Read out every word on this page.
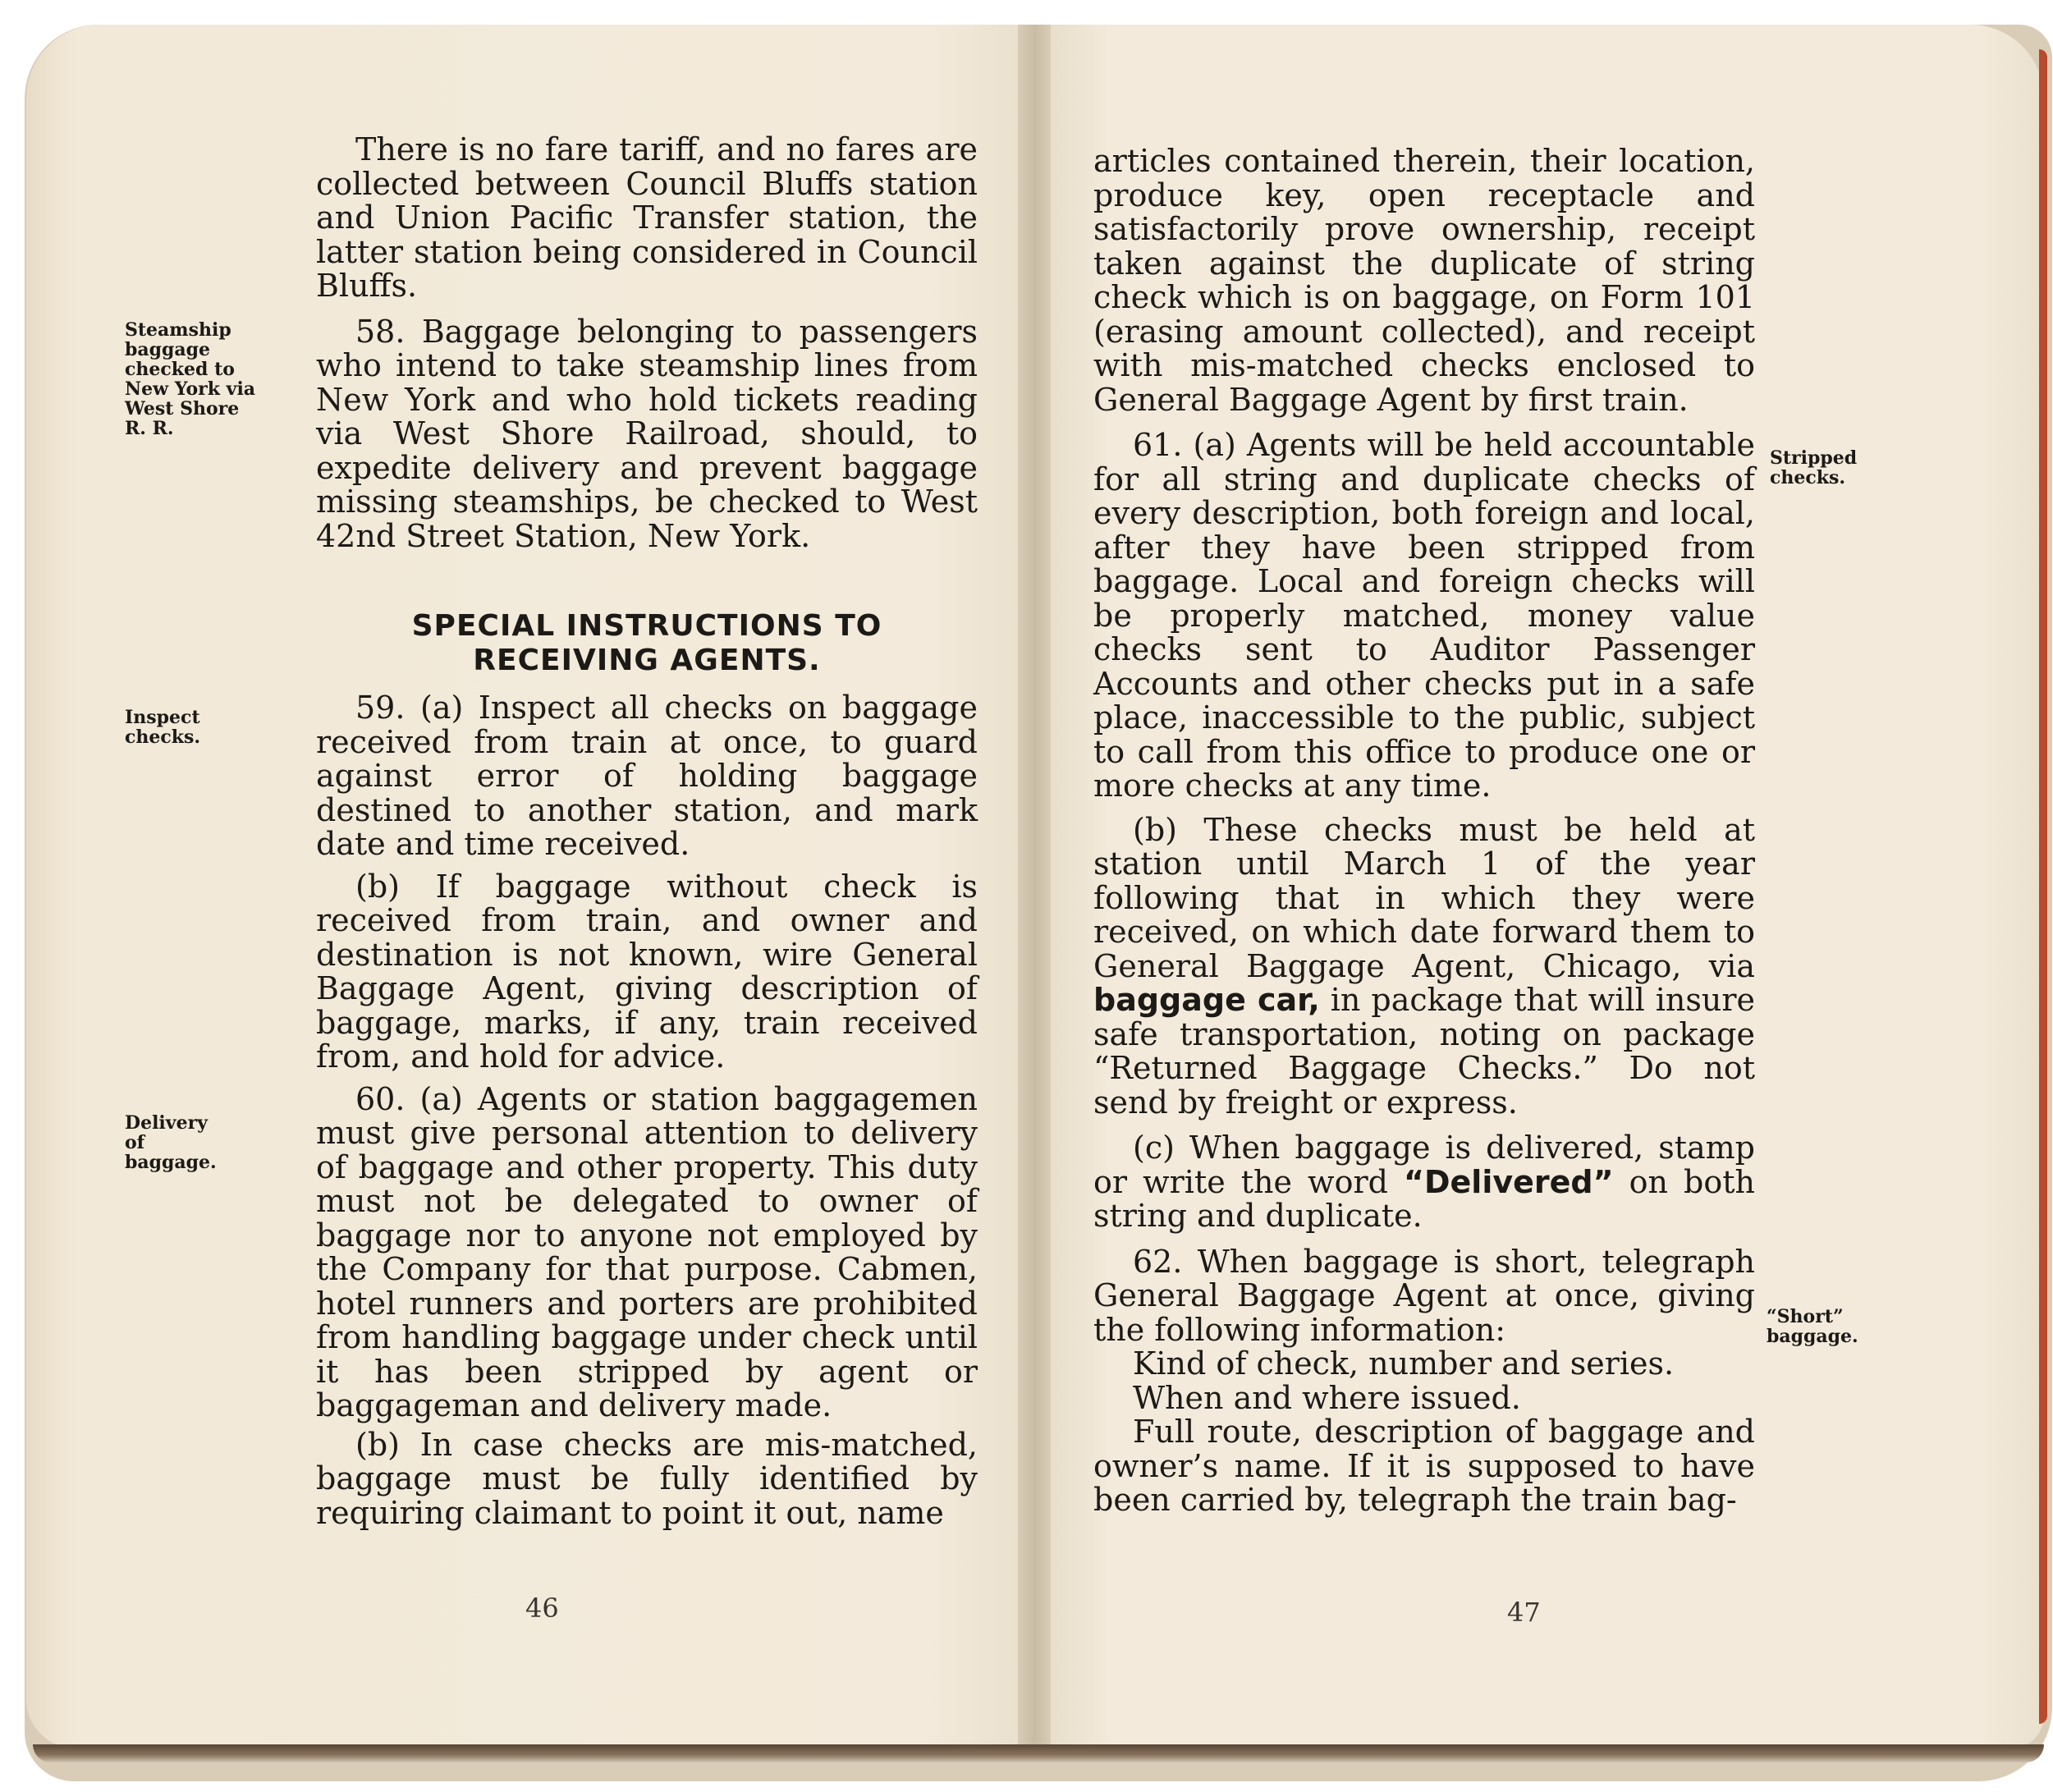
There is no fare tariff, and no fares are collected between Council Bluffs station and Union Pacific Transfer station, the latter station being considered in Council Bluffs.

58. Baggage belonging to passengers who intend to take steamship lines from New York and who hold tickets reading via West Shore Railroad, should, to expedite delivery and prevent baggage missing steamships, be checked to West 42nd Street Station, New York.

SPECIAL INSTRUCTIONS TO RECEIVING AGENTS.

59. (a) Inspect all checks on baggage received from train at once, to guard against error of holding baggage destined to another station, and mark date and time received.

(b) If baggage without check is received from train, and owner and destination is not known, wire General Baggage Agent, giving description of baggage, marks, if any, train received from, and hold for advice.

60. (a) Agents or station baggagemen must give personal attention to delivery of baggage and other property. This duty must not be delegated to owner of baggage nor to anyone not employed by the Company for that purpose. Cabmen, hotel runners and porters are prohibited from handling baggage under check until it has been stripped by agent or baggageman and delivery made.

(b) In case checks are mis-matched, baggage must be fully identified by requiring claimant to point it out, name

Steamship baggage checked to New York via West Shore R. R.
Inspect checks.
Delivery of baggage.
46

articles contained therein, their location, produce key, open receptacle and satisfactorily prove ownership, receipt taken against the duplicate of string check which is on baggage, on Form 101 (erasing amount collected), and receipt with mis-matched checks enclosed to General Baggage Agent by first train.

61. (a) Agents will be held accountable for all string and duplicate checks of every description, both foreign and local, after they have been stripped from baggage. Local and foreign checks will be properly matched, money value checks sent to Auditor Passenger Accounts and other checks put in a safe place, inaccessible to the public, subject to call from this office to produce one or more checks at any time.

(b) These checks must be held at station until March 1 of the year following that in which they were received, on which date forward them to General Baggage Agent, Chicago, via baggage car, in package that will insure safe transportation, noting on package “Returned Baggage Checks.” Do not send by freight or express.

(c) When baggage is delivered, stamp or write the word “Delivered” on both string and duplicate.

62. When baggage is short, telegraph General Baggage Agent at once, giving the following information:

Kind of check, number and series.

When and where issued.

Full route, description of baggage and owner’s name. If it is supposed to have been carried by, telegraph the train bag-

Stripped checks.
“Short” baggage.
47
